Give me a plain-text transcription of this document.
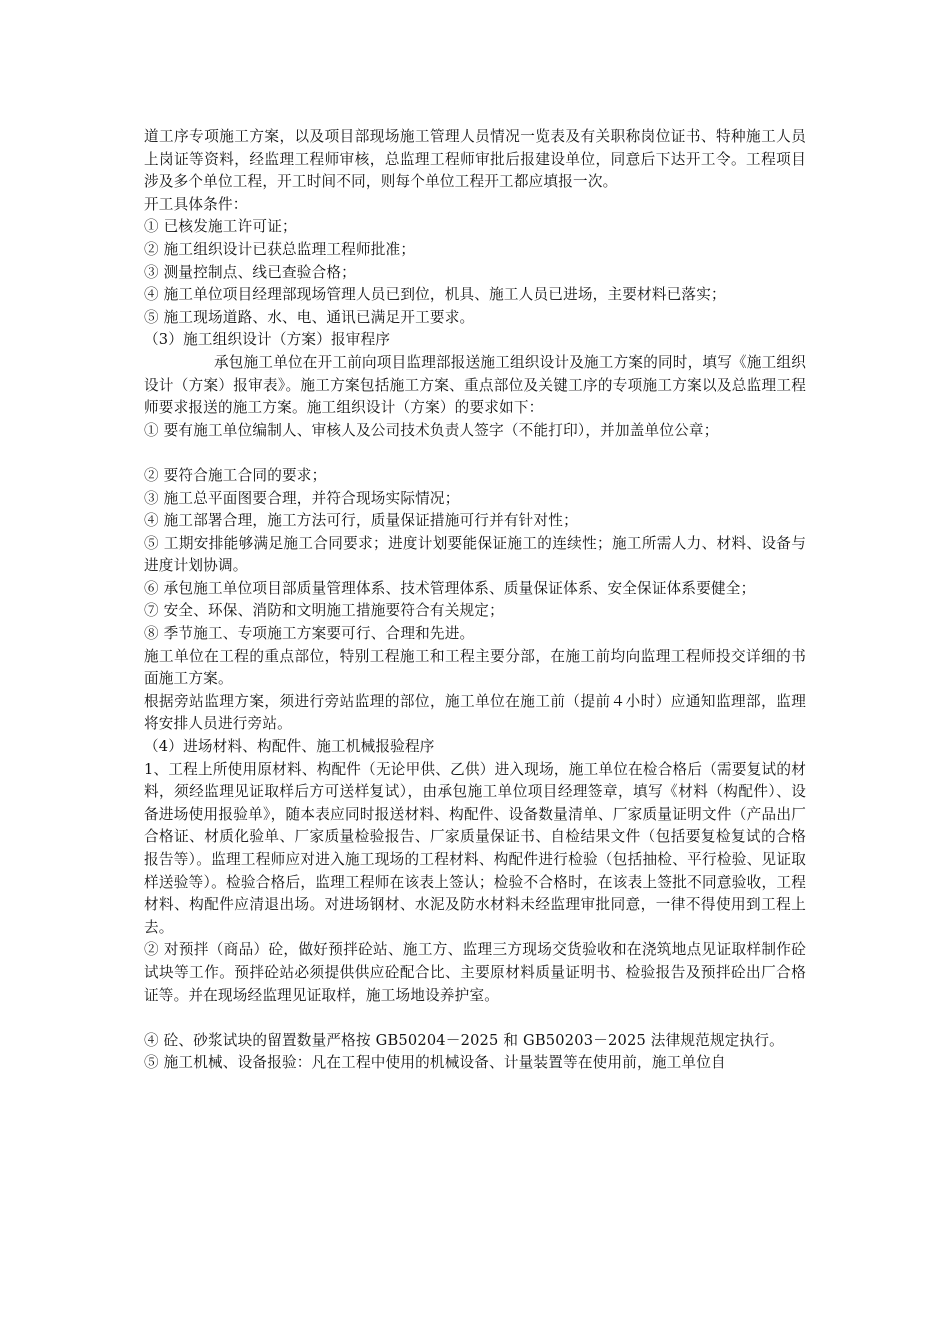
道工序专项施工方案，以及项目部现场施工管理人员情况一览表及有关职称岗位证书、特种施工人员上岗证等资料，经监理工程师审核，总监理工程师审批后报建设单位，同意后下达开工令。工程项目涉及多个单位工程，开工时间不同，则每个单位工程开工都应填报一次。

开工具体条件：

① 已核发施工许可证；

② 施工组织设计已获总监理工程师批准；

③ 测量控制点、线已查验合格；

④ 施工单位项目经理部现场管理人员已到位，机具、施工人员已进场，主要材料已落实；

⑤ 施工现场道路、水、电、通讯已满足开工要求。

（3）施工组织设计（方案）报审程序

承包施工单位在开工前向项目监理部报送施工组织设计及施工方案的同时，填写《施工组织设计（方案）报审表》。施工方案包括施工方案、重点部位及关键工序的专项施工方案以及总监理工程师要求报送的施工方案。施工组织设计（方案）的要求如下：

① 要有施工单位编制人、审核人及公司技术负责人签字（不能打印），并加盖单位公章；

② 要符合施工合同的要求；

③ 施工总平面图要合理，并符合现场实际情况；

④ 施工部署合理，施工方法可行，质量保证措施可行并有针对性；

⑤ 工期安排能够满足施工合同要求；进度计划要能保证施工的连续性；施工所需人力、材料、设备与进度计划协调。

⑥ 承包施工单位项目部质量管理体系、技术管理体系、质量保证体系、安全保证体系要健全；

⑦ 安全、环保、消防和文明施工措施要符合有关规定；

⑧ 季节施工、专项施工方案要可行、合理和先进。

施工单位在工程的重点部位，特别工程施工和工程主要分部，在施工前均向监理工程师投交详细的书面施工方案。

根据旁站监理方案，须进行旁站监理的部位，施工单位在施工前（提前４小时）应通知监理部，监理将安排人员进行旁站。

（4）进场材料、构配件、施工机械报验程序

1、工程上所使用原材料、构配件（无论甲供、乙供）进入现场，施工单位在检合格后（需要复试的材料，须经监理见证取样后方可送样复试），由承包施工单位项目经理签章，填写《材料（构配件）、设备进场使用报验单》，随本表应同时报送材料、构配件、设备数量清单、厂家质量证明文件（产品出厂合格证、材质化验单、厂家质量检验报告、厂家质量保证书、自检结果文件（包括要复检复试的合格报告等）。监理工程师应对进入施工现场的工程材料、构配件进行检验（包括抽检、平行检验、见证取样送验等）。检验合格后，监理工程师在该表上签认；检验不合格时，在该表上签批不同意验收，工程材料、构配件应清退出场。对进场钢材、水泥及防水材料未经监理审批同意，一律不得使用到工程上去。

② 对预拌（商品）砼，做好预拌砼站、施工方、监理三方现场交货验收和在浇筑地点见证取样制作砼试块等工作。预拌砼站必须提供供应砼配合比、主要原材料质量证明书、检验报告及预拌砼出厂合格证等。并在现场经监理见证取样，施工场地设养护室。

④ 砼、砂浆试块的留置数量严格按 GB50204－2025 和 GB50203－2025 法律规范规定执行。

⑤ 施工机械、设备报验：凡在工程中使用的机械设备、计量装置等在使用前，施工单位自
